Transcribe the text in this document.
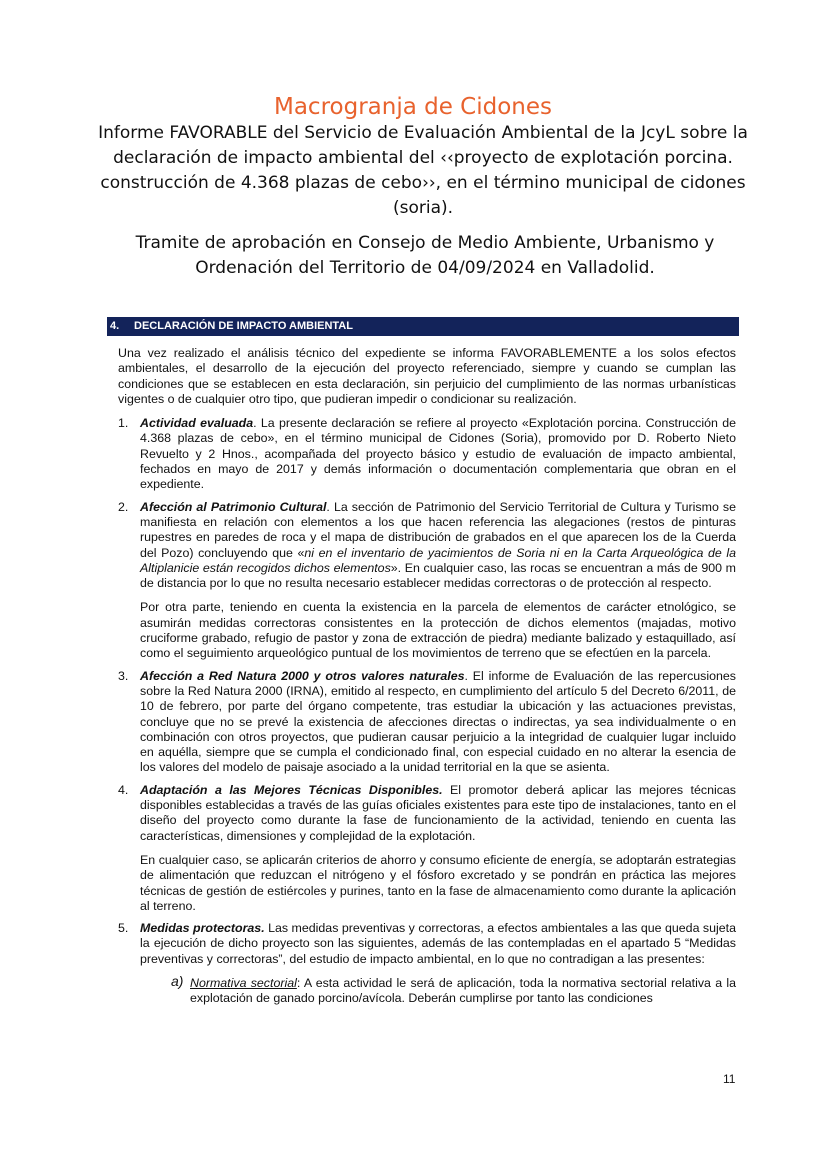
Macrogranja de Cidones
Informe FAVORABLE del Servicio de Evaluación Ambiental de la JcyL sobre la declaración de impacto ambiental del ‹‹proyecto de explotación porcina. construcción de 4.368 plazas de cebo››, en el término municipal de cidones (soria).
Tramite de aprobación en Consejo de Medio Ambiente, Urbanismo y Ordenación del Territorio de 04/09/2024 en Valladolid.
4. DECLARACIÓN DE IMPACTO AMBIENTAL

Una vez realizado el análisis técnico del expediente se informa FAVORABLEMENTE a los solos efectos ambientales, el desarrollo de la ejecución del proyecto referenciado, siempre y cuando se cumplan las condiciones que se establecen en esta declaración, sin perjuicio del cumplimiento de las normas urbanísticas vigentes o de cualquier otro tipo, que pudieran impedir o condicionar su realización.

1. Actividad evaluada. La presente declaración se refiere al proyecto «Explotación porcina. Construcción de 4.368 plazas de cebo», en el término municipal de Cidones (Soria), promovido por D. Roberto Nieto Revuelto y 2 Hnos., acompañada del proyecto básico y estudio de evaluación de impacto ambiental, fechados en mayo de 2017 y demás información o documentación complementaria que obran en el expediente.

2. Afección al Patrimonio Cultural. La sección de Patrimonio del Servicio Territorial de Cultura y Turismo se manifiesta en relación con elementos a los que hacen referencia las alegaciones (restos de pinturas rupestres en paredes de roca y el mapa de distribución de grabados en el que aparecen los de la Cuerda del Pozo) concluyendo que «ni en el inventario de yacimientos de Soria ni en la Carta Arqueológica de la Altiplanicie están recogidos dichos elementos». En cualquier caso, las rocas se encuentran a más de 900 m de distancia por lo que no resulta necesario establecer medidas correctoras o de protección al respecto.

Por otra parte, teniendo en cuenta la existencia en la parcela de elementos de carácter etnológico, se asumirán medidas correctoras consistentes en la protección de dichos elementos (majadas, motivo cruciforme grabado, refugio de pastor y zona de extracción de piedra) mediante balizado y estaquillado, así como el seguimiento arqueológico puntual de los movimientos de terreno que se efectúen en la parcela.

3. Afección a Red Natura 2000 y otros valores naturales. El informe de Evaluación de las repercusiones sobre la Red Natura 2000 (IRNA), emitido al respecto, en cumplimiento del artículo 5 del Decreto 6/2011, de 10 de febrero, por parte del órgano competente, tras estudiar la ubicación y las actuaciones previstas, concluye que no se prevé la existencia de afecciones directas o indirectas, ya sea individualmente o en combinación con otros proyectos, que pudieran causar perjuicio a la integridad de cualquier lugar incluido en aquélla, siempre que se cumpla el condicionado final, con especial cuidado en no alterar la esencia de los valores del modelo de paisaje asociado a la unidad territorial en la que se asienta.

4. Adaptación a las Mejores Técnicas Disponibles. El promotor deberá aplicar las mejores técnicas disponibles establecidas a través de las guías oficiales existentes para este tipo de instalaciones, tanto en el diseño del proyecto como durante la fase de funcionamiento de la actividad, teniendo en cuenta las características, dimensiones y complejidad de la explotación.

En cualquier caso, se aplicarán criterios de ahorro y consumo eficiente de energía, se adoptarán estrategias de alimentación que reduzcan el nitrógeno y el fósforo excretado y se pondrán en práctica las mejores técnicas de gestión de estiércoles y purines, tanto en la fase de almacenamiento como durante la aplicación al terreno.

5. Medidas protectoras. Las medidas preventivas y correctoras, a efectos ambientales a las que queda sujeta la ejecución de dicho proyecto son las siguientes, además de las contempladas en el apartado 5 “Medidas preventivas y correctoras”, del estudio de impacto ambiental, en lo que no contradigan a las presentes:

a) Normativa sectorial: A esta actividad le será de aplicación, toda la normativa sectorial relativa a la explotación de ganado porcino/avícola. Deberán cumplirse por tanto las condiciones

11
